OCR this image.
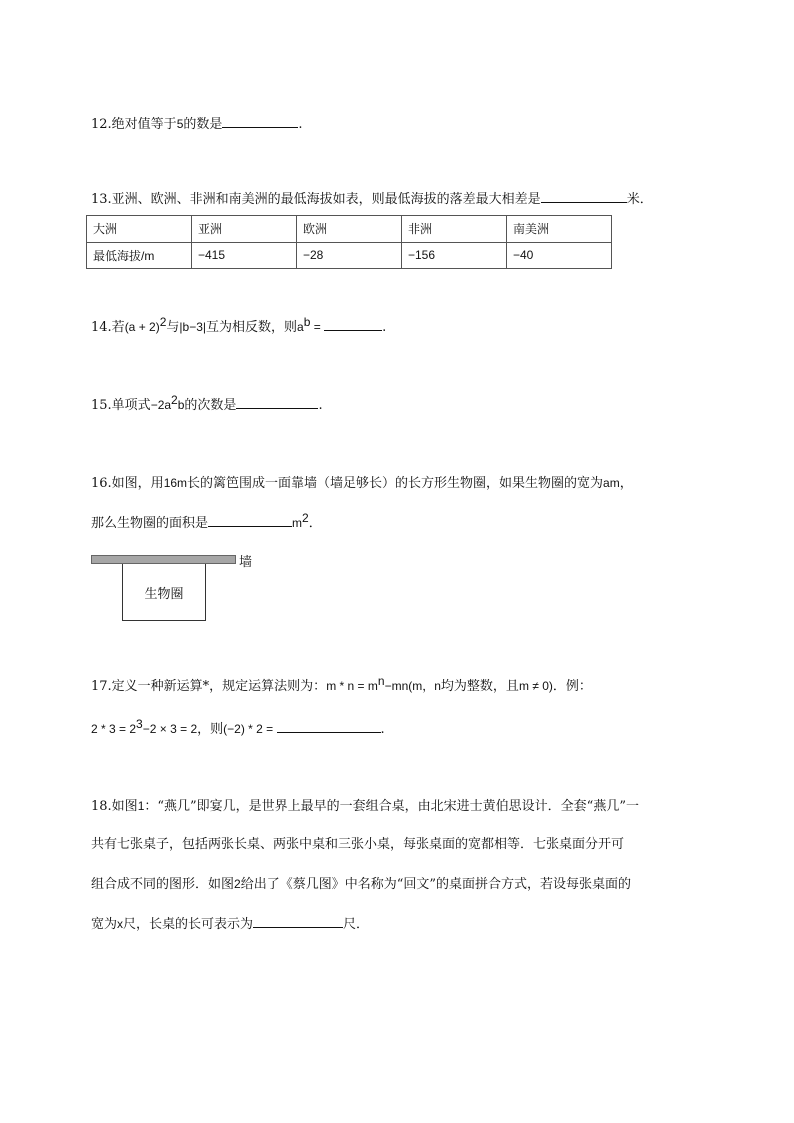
12.绝对值等于5的数是	.
13.亚洲、欧洲、非洲和南美洲的最低海拔如表，则最低海拔的落差最大相差是	米．
大洲	亚洲	欧洲	非洲	南美洲
最低海拔/m	−415	−28	−156	−40
14.若$(a + 2)^2$与|b−3|互为相反数，则$a^b$ =	.
15.单项式$-2a^2b$的次数是	.
16.如图，用16m长的篱笆围成一面靠墙（墙足够长）的长方形生物圈，如果生物圈的宽为am，
那么生物圈的面积是	$m^2$．
墙
生物圈
17.定义一种新运算*，规定运算法则为：$m * n = m^n-mn(m$，n均为整数，且m ≠ 0)．例：
$2 * 3 = 2^3-2 \times 3 = 2$，则(−2) * 2 =	.
18.如图1：“燕几”即宴几，是世界上最早的一套组合桌，由北宋进士黄伯思设计．全套“燕几”一
共有七张桌子，包括两张长桌、两张中桌和三张小桌，每张桌面的宽都相等．七张桌面分开可
组合成不同的图形．如图2给出了《蔡几图》中名称为“回文”的桌面拼合方式，若设每张桌面的
宽为x尺，长桌的长可表示为	尺．
